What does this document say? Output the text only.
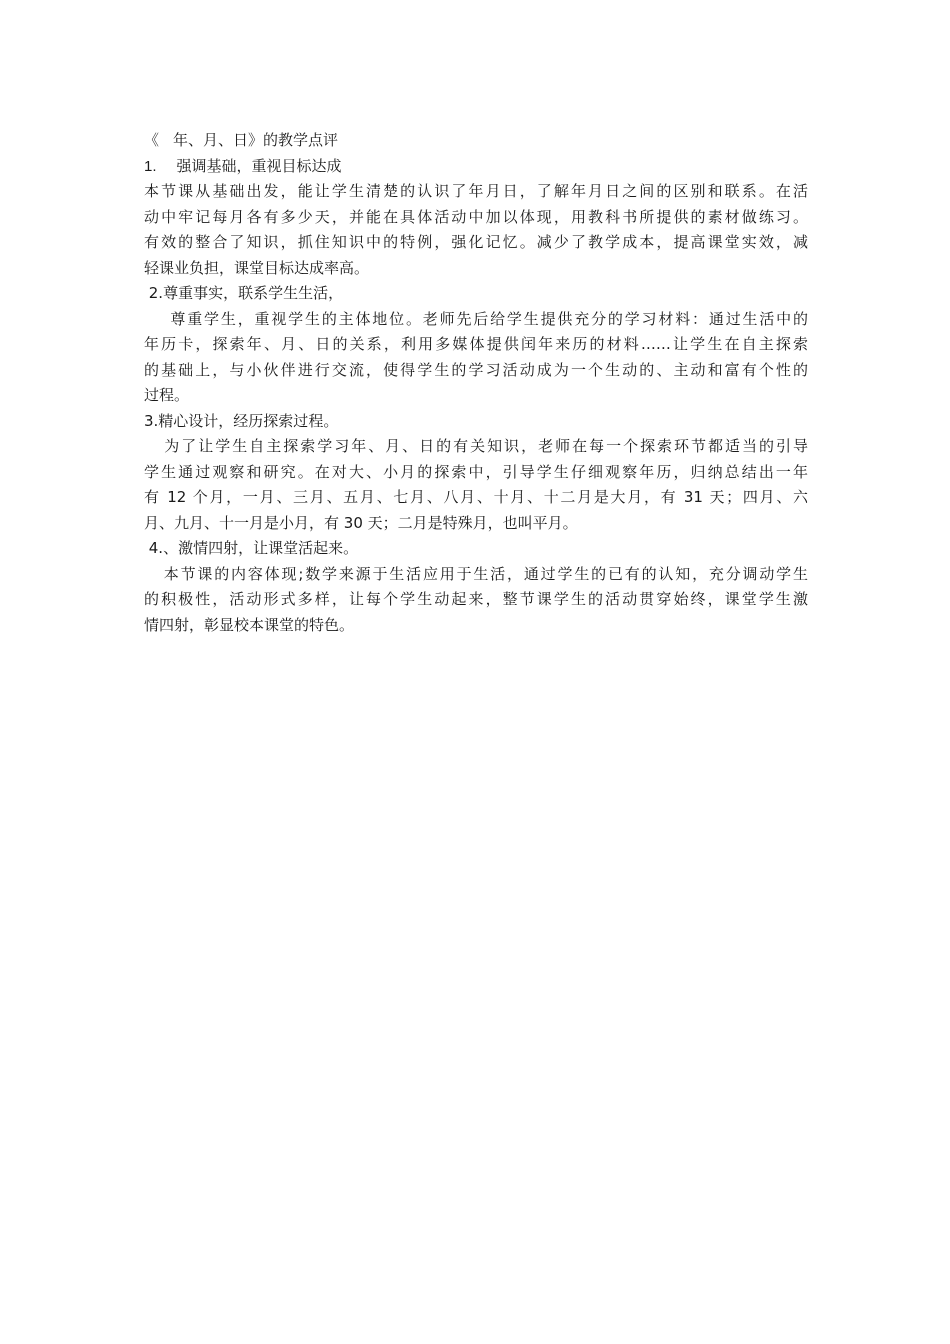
《 年、月、日》的教学点评
1. 强调基础，重视目标达成
本节课从基础出发，能让学生清楚的认识了年月日，了解年月日之间的区别和联系。在活
动中牢记每月各有多少天，并能在具体活动中加以体现，用教科书所提供的素材做练习。
有效的整合了知识，抓住知识中的特例，强化记忆。减少了教学成本，提高课堂实效，减
轻课业负担，课堂目标达成率高。
2.尊重事实，联系学生生活，
尊重学生，重视学生的主体地位。老师先后给学生提供充分的学习材料：通过生活中的
年历卡，探索年、月、日的关系，利用多媒体提供闰年来历的材料……让学生在自主探索
的基础上，与小伙伴进行交流，使得学生的学习活动成为一个生动的、主动和富有个性的
过程。
3.精心设计，经历探索过程。
为了让学生自主探索学习年、月、日的有关知识，老师在每一个探索环节都适当的引导
学生通过观察和研究。在对大、小月的探索中，引导学生仔细观察年历，归纳总结出一年
有 12 个月，一月、三月、五月、七月、八月、十月、十二月是大月，有 31 天；四月、六
月、九月、十一月是小月，有 30 天；二月是特殊月，也叫平月。
4.、激情四射，让课堂活起来。
本节课的内容体现;数学来源于生活应用于生活，通过学生的已有的认知，充分调动学生
的积极性，活动形式多样，让每个学生动起来，整节课学生的活动贯穿始终，课堂学生激
情四射，彰显校本课堂的特色。
